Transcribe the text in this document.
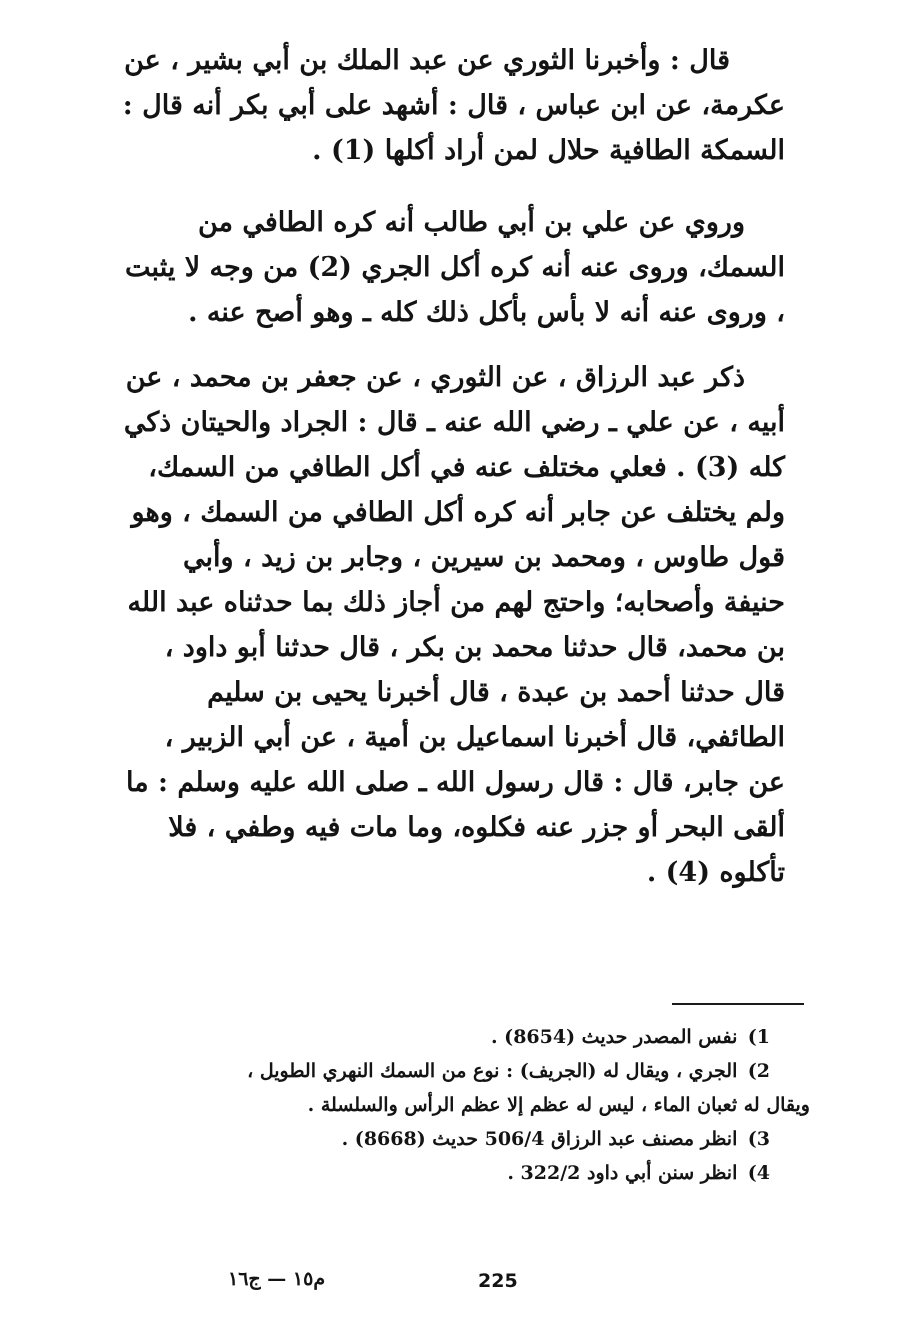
قال : وأخبرنا الثوري عن عبد الملك بن أبي بشير ، عن عكرمة، عن ابن عباس ، قال : أشهد على أبي بكر أنه قال : السمكة الطافية حلال لمن أراد أكلها (1) .

وروي عن علي بن أبي طالب أنه كره الطافي من السمك، وروى عنه أنه كره أكل الجري (2) من وجه لا يثبت ، وروى عنه أنه لا بأس بأكل ذلك كله ـ وهو أصح عنه .

ذكر عبد الرزاق ، عن الثوري ، عن جعفر بن محمد ، عن أبيه ، عن علي ـ رضي الله عنه ـ قال : الجراد والحيتان ذكي كله (3) . فعلي مختلف عنه في أكل الطافي من السمك، ولم يختلف عن جابر أنه كره أكل الطافي من السمك ، وهو قول طاوس ، ومحمد بن سيرين ، وجابر بن زيد ، وأبي حنيفة وأصحابه؛ واحتج لهم من أجاز ذلك بما حدثناه عبد الله بن محمد، قال حدثنا محمد بن بكر ، قال حدثنا أبو داود ، قال حدثنا أحمد بن عبدة ، قال أخبرنا يحيى بن سليم الطائفي، قال أخبرنا اسماعيل بن أمية ، عن أبي الزبير ، عن جابر، قال : قال رسول الله ـ صلى الله عليه وسلم : ما ألقى البحر أو جزر عنه فكلوه، وما مات فيه وطفي ، فلا تأكلوه (4) .

1) نفس المصدر حديث (8654) .

2) الجري ، ويقال له (الجريف) : نوع من السمك النهري الطويل ،

ويقال له ثعبان الماء ، ليس له عظم إلا عظم الرأس والسلسلة .

3) انظر مصنف عبد الرزاق 506/4 حديث (8668) .

4) انظر سنن أبي داود 322/2 .

م١٥ — ج١٦	225
